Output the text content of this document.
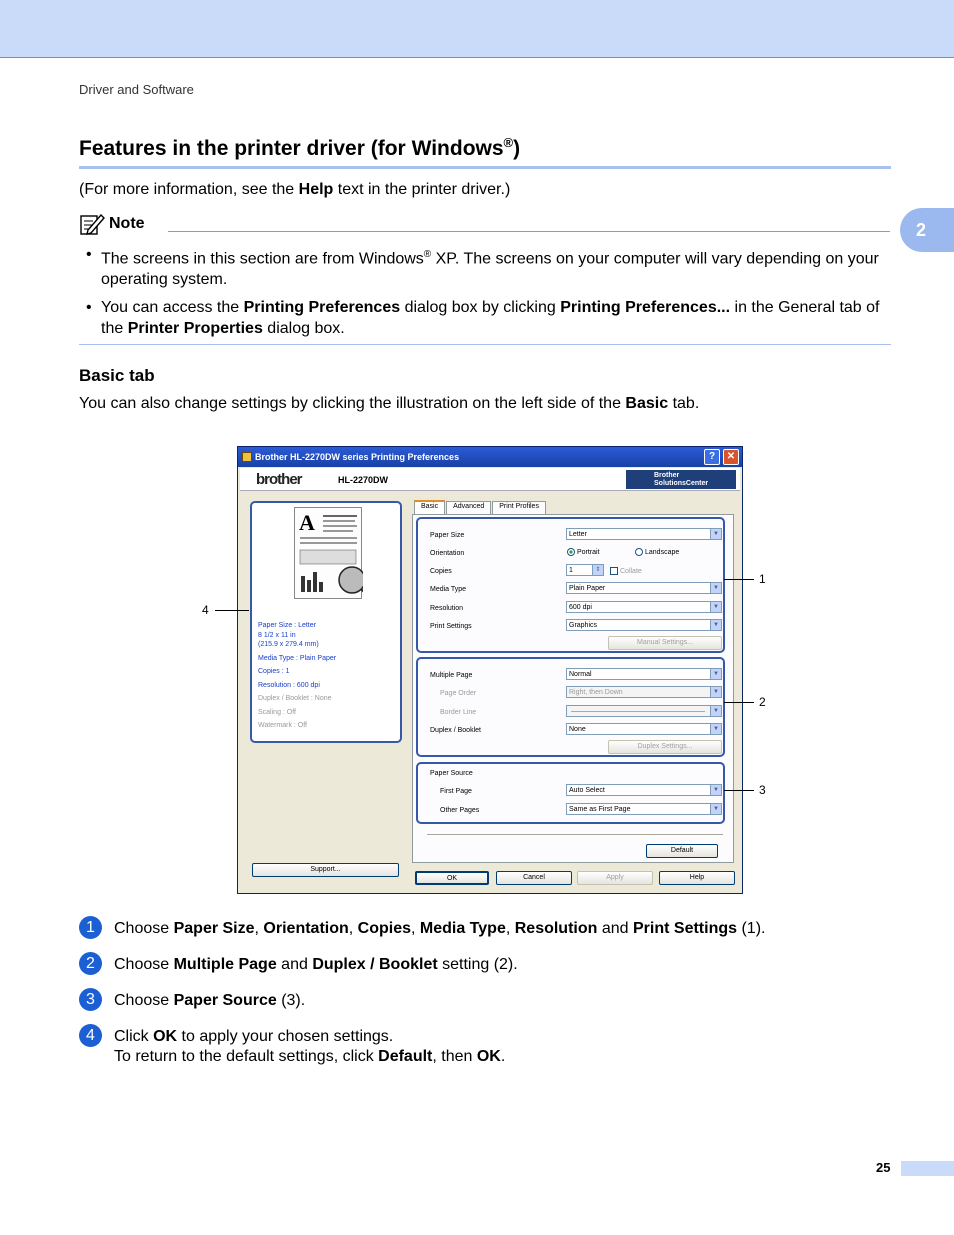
Driver and Software
Features in the printer driver (for Windows®)
(For more information, see the Help text in the printer driver.)
2
Note
• The screens in this section are from Windows® XP. The screens on your computer will vary depending on your operating system.
• You can access the Printing Preferences dialog box by clicking Printing Preferences... in the General tab of the Printer Properties dialog box.
Basic tab
You can also change settings by clicking the illustration on the left side of the Basic tab.
Brother HL-2270DW series Printing Preferences	?	✕
brother	HL-2270DW	Brother
SolutionsCenter
A
Paper Size : Letter
8 1/2 x 11 in
(215.9 x 279.4 mm)
Media Type : Plain Paper
Copies : 1
Resolution : 600 dpi
Duplex / Booklet : None
Scaling : Off
Watermark : Off
Basic	Advanced	Print Profiles
Paper Size	Letter	▼
Orientation	Portrait	Landscape
Copies	1	⇕	Collate
Media Type	Plain Paper	▼
Resolution	600 dpi	▼
Print Settings	Graphics	▼
Manual Settings...
Multiple Page	Normal	▼
Page Order	Right, then Down	▼
Border Line	▼
Duplex / Booklet	None	▼
Duplex Settings...
Paper Source
First Page	Auto Select	▼
Other Pages	Same as First Page	▼
Default
Support...
OK	Cancel	Apply	Help
1
2
3
4
1	Choose Paper Size, Orientation, Copies, Media Type, Resolution and Print Settings (1).
2	Choose Multiple Page and Duplex / Booklet setting (2).
3	Choose Paper Source (3).
4	Click OK to apply your chosen settings.
To return to the default settings, click Default, then OK.
25
